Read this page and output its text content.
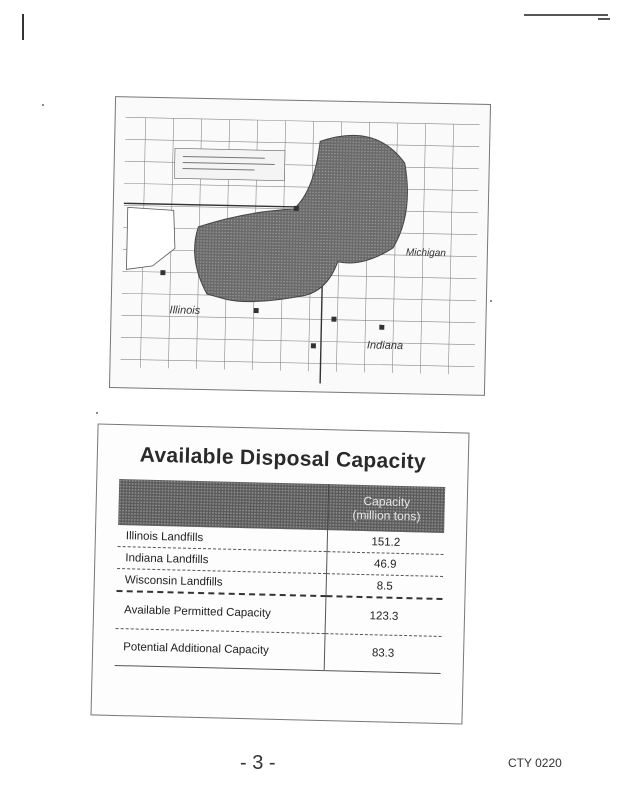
Illinois
Indiana
Michigan
Available Disposal Capacity
	Capacity
(million tons)
Illinois Landfills	151.2
Indiana Landfills	46.9
Wisconsin Landfills	8.5
Available Permitted Capacity	123.3
Potential Additional Capacity	83.3
- 3 -	CTY 0220
